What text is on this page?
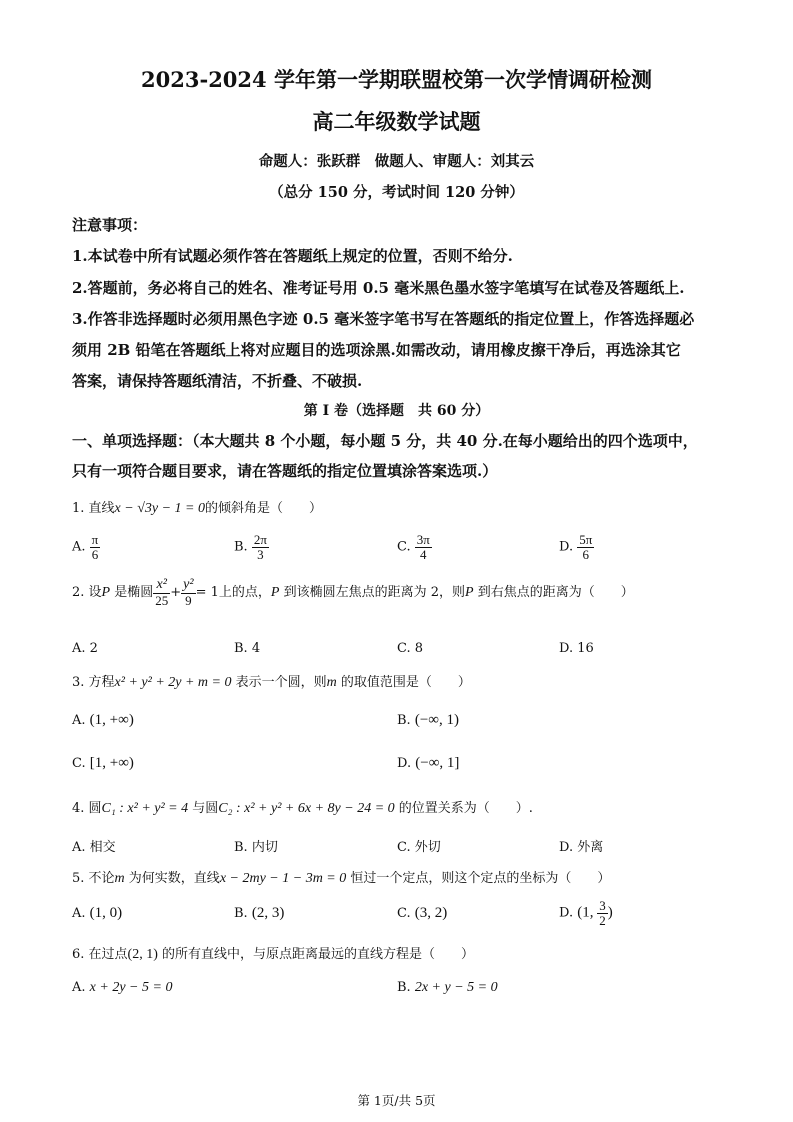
2023-2024 学年第一学期联盟校第一次学情调研检测
高二年级数学试题
命题人：张跃群　做题人、审题人：刘其云
（总分 150 分，考试时间 120 分钟）
注意事项：
1.本试卷中所有试题必须作答在答题纸上规定的位置，否则不给分.
2.答题前，务必将自己的姓名、准考证号用 0.5 毫米黑色墨水签字笔填写在试卷及答题纸上.
3.作答非选择题时必须用黑色字迹 0.5 毫米签字笔书写在答题纸的指定位置上，作答选择题必
须用 2B 铅笔在答题纸上将对应题目的选项涂黑.如需改动，请用橡皮擦干净后，再选涂其它
答案，请保持答题纸清洁，不折叠、不破损.
第 I 卷（选择题　共 60 分）
一、单项选择题：（本大题共 8 个小题，每小题 5 分，共 40 分.在每小题给出的四个选项中，
只有一项符合题目要求，请在答题纸的指定位置填涂答案选项.）
1. 直线x − √3y − 1 = 0的倾斜角是（　　）
A. $\frac{\pi}{6}$	B. $\frac{2\pi}{3}$	C. $\frac{3\pi}{4}$	D. $\frac{5\pi}{6}$
2. 设P 是椭圆 $\frac{\text{x²}}{25} + \frac{\text{y²}}{9} = 1$上的点，P 到该椭圆左焦点的距离为 2，则P 到右焦点的距离为（　　）
A. 2	B. 4	C. 8	D. 16
3. 方程x² + y² + 2y + m = 0 表示一个圆，则m 的取值范围是（　　）
A. (1, +∞)	B. (−∞, 1)
C. [1, +∞)	D. (−∞, 1]
4. 圆C₁ : x² + y² = 4 与圆C₂ : x² + y² + 6x + 8y − 24 = 0 的位置关系为（　　）.
A. 相交	B. 内切	C. 外切	D. 外离
5. 不论m 为何实数，直线x − 2my − 1 − 3m = 0 恒过一个定点，则这个定点的坐标为（　　）
A. (1, 0)	B. (2, 3)	C. (3, 2)	D. (1, $\frac{3}{2}$ )
6. 在过点(2, 1) 的所有直线中，与原点距离最远的直线方程是（　　）
A. x + 2y − 5 = 0	B. 2x + y − 5 = 0
第 1页/共 5页
